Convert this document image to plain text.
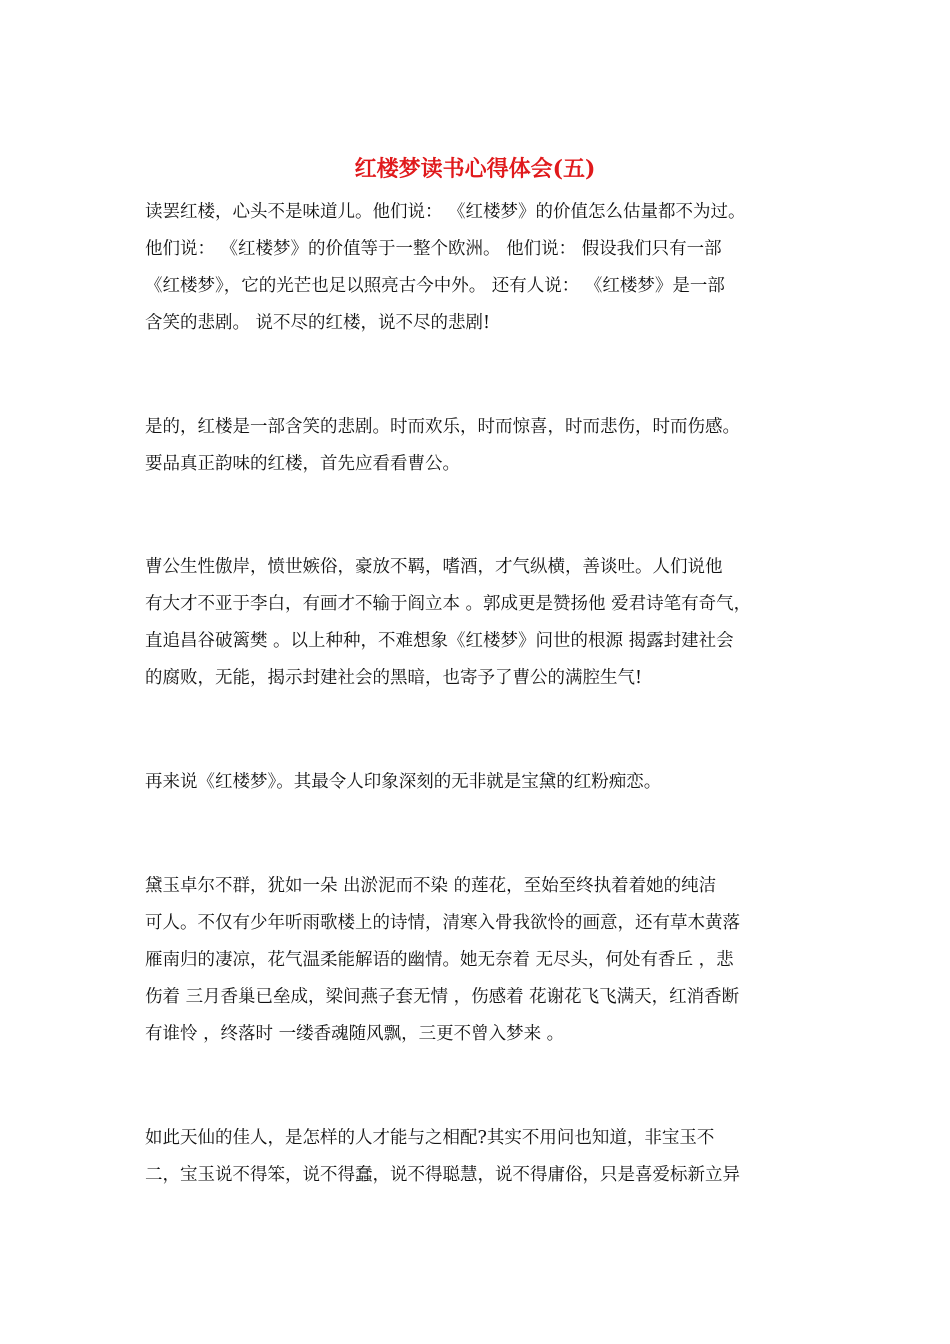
红楼梦读书心得体会(五)
读罢红楼，心头不是味道儿。他们说： 《红楼梦》的价值怎么估量都不为过。
他们说： 《红楼梦》的价值等于一整个欧洲。 他们说： 假设我们只有一部
《红楼梦》，它的光芒也足以照亮古今中外。 还有人说： 《红楼梦》是一部
含笑的悲剧。 说不尽的红楼，说不尽的悲剧!
是的，红楼是一部含笑的悲剧。时而欢乐，时而惊喜，时而悲伤，时而伤感。
要品真正韵味的红楼，首先应看看曹公。
曹公生性傲岸，愤世嫉俗，豪放不羁，嗜酒，才气纵横，善谈吐。人们说他
有大才不亚于李白，有画才不输于阎立本 。郭成更是赞扬他 爱君诗笔有奇气，
直追昌谷破篱樊 。以上种种，不难想象《红楼梦》问世的根源 揭露封建社会
的腐败，无能，揭示封建社会的黑暗，也寄予了曹公的满腔生气!
再来说《红楼梦》。其最令人印象深刻的无非就是宝黛的红粉痴恋。
黛玉卓尔不群，犹如一朵 出淤泥而不染 的莲花，至始至终执着着她的纯洁
可人。不仅有少年听雨歌楼上的诗情，清寒入骨我欲怜的画意，还有草木黄落
雁南归的凄凉，花气温柔能解语的幽情。她无奈着 无尽头，何处有香丘 ，悲
伤着 三月香巢已垒成，梁间燕子套无情 ，伤感着 花谢花飞飞满天，红消香断
有谁怜 ，终落时 一缕香魂随风飘，三更不曾入梦来 。
如此天仙的佳人，是怎样的人才能与之相配?其实不用问也知道，非宝玉不
二，宝玉说不得笨，说不得蠢，说不得聪慧，说不得庸俗，只是喜爱标新立异
